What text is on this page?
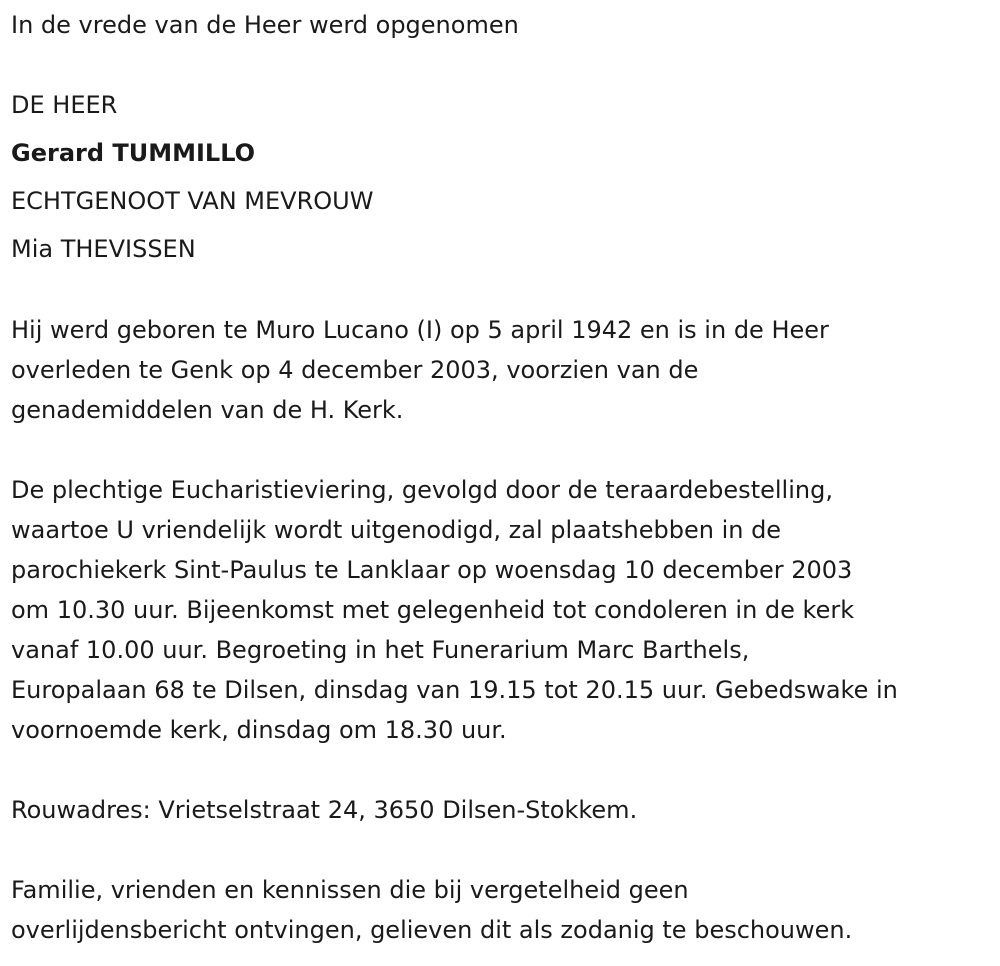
In de vrede van de Heer werd opgenomen
DE HEER
Gerard TUMMILLO
ECHTGENOOT VAN MEVROUW
Mia THEVISSEN
Hij werd geboren te Muro Lucano (I) op 5 april 1942 en is in de Heer
overleden te Genk op 4 december 2003, voorzien van de
genademiddelen van de H. Kerk.
De plechtige Eucharistieviering, gevolgd door de teraardebestelling,
waartoe U vriendelijk wordt uitgenodigd, zal plaatshebben in de
parochiekerk Sint-Paulus te Lanklaar op woensdag 10 december 2003
om 10.30 uur. Bijeenkomst met gelegenheid tot condoleren in de kerk
vanaf 10.00 uur. Begroeting in het Funerarium Marc Barthels,
Europalaan 68 te Dilsen, dinsdag van 19.15 tot 20.15 uur. Gebedswake in
voornoemde kerk, dinsdag om 18.30 uur.
Rouwadres: Vrietselstraat 24, 3650 Dilsen-Stokkem.
Familie, vrienden en kennissen die bij vergetelheid geen
overlijdensbericht ontvingen, gelieven dit als zodanig te beschouwen.
